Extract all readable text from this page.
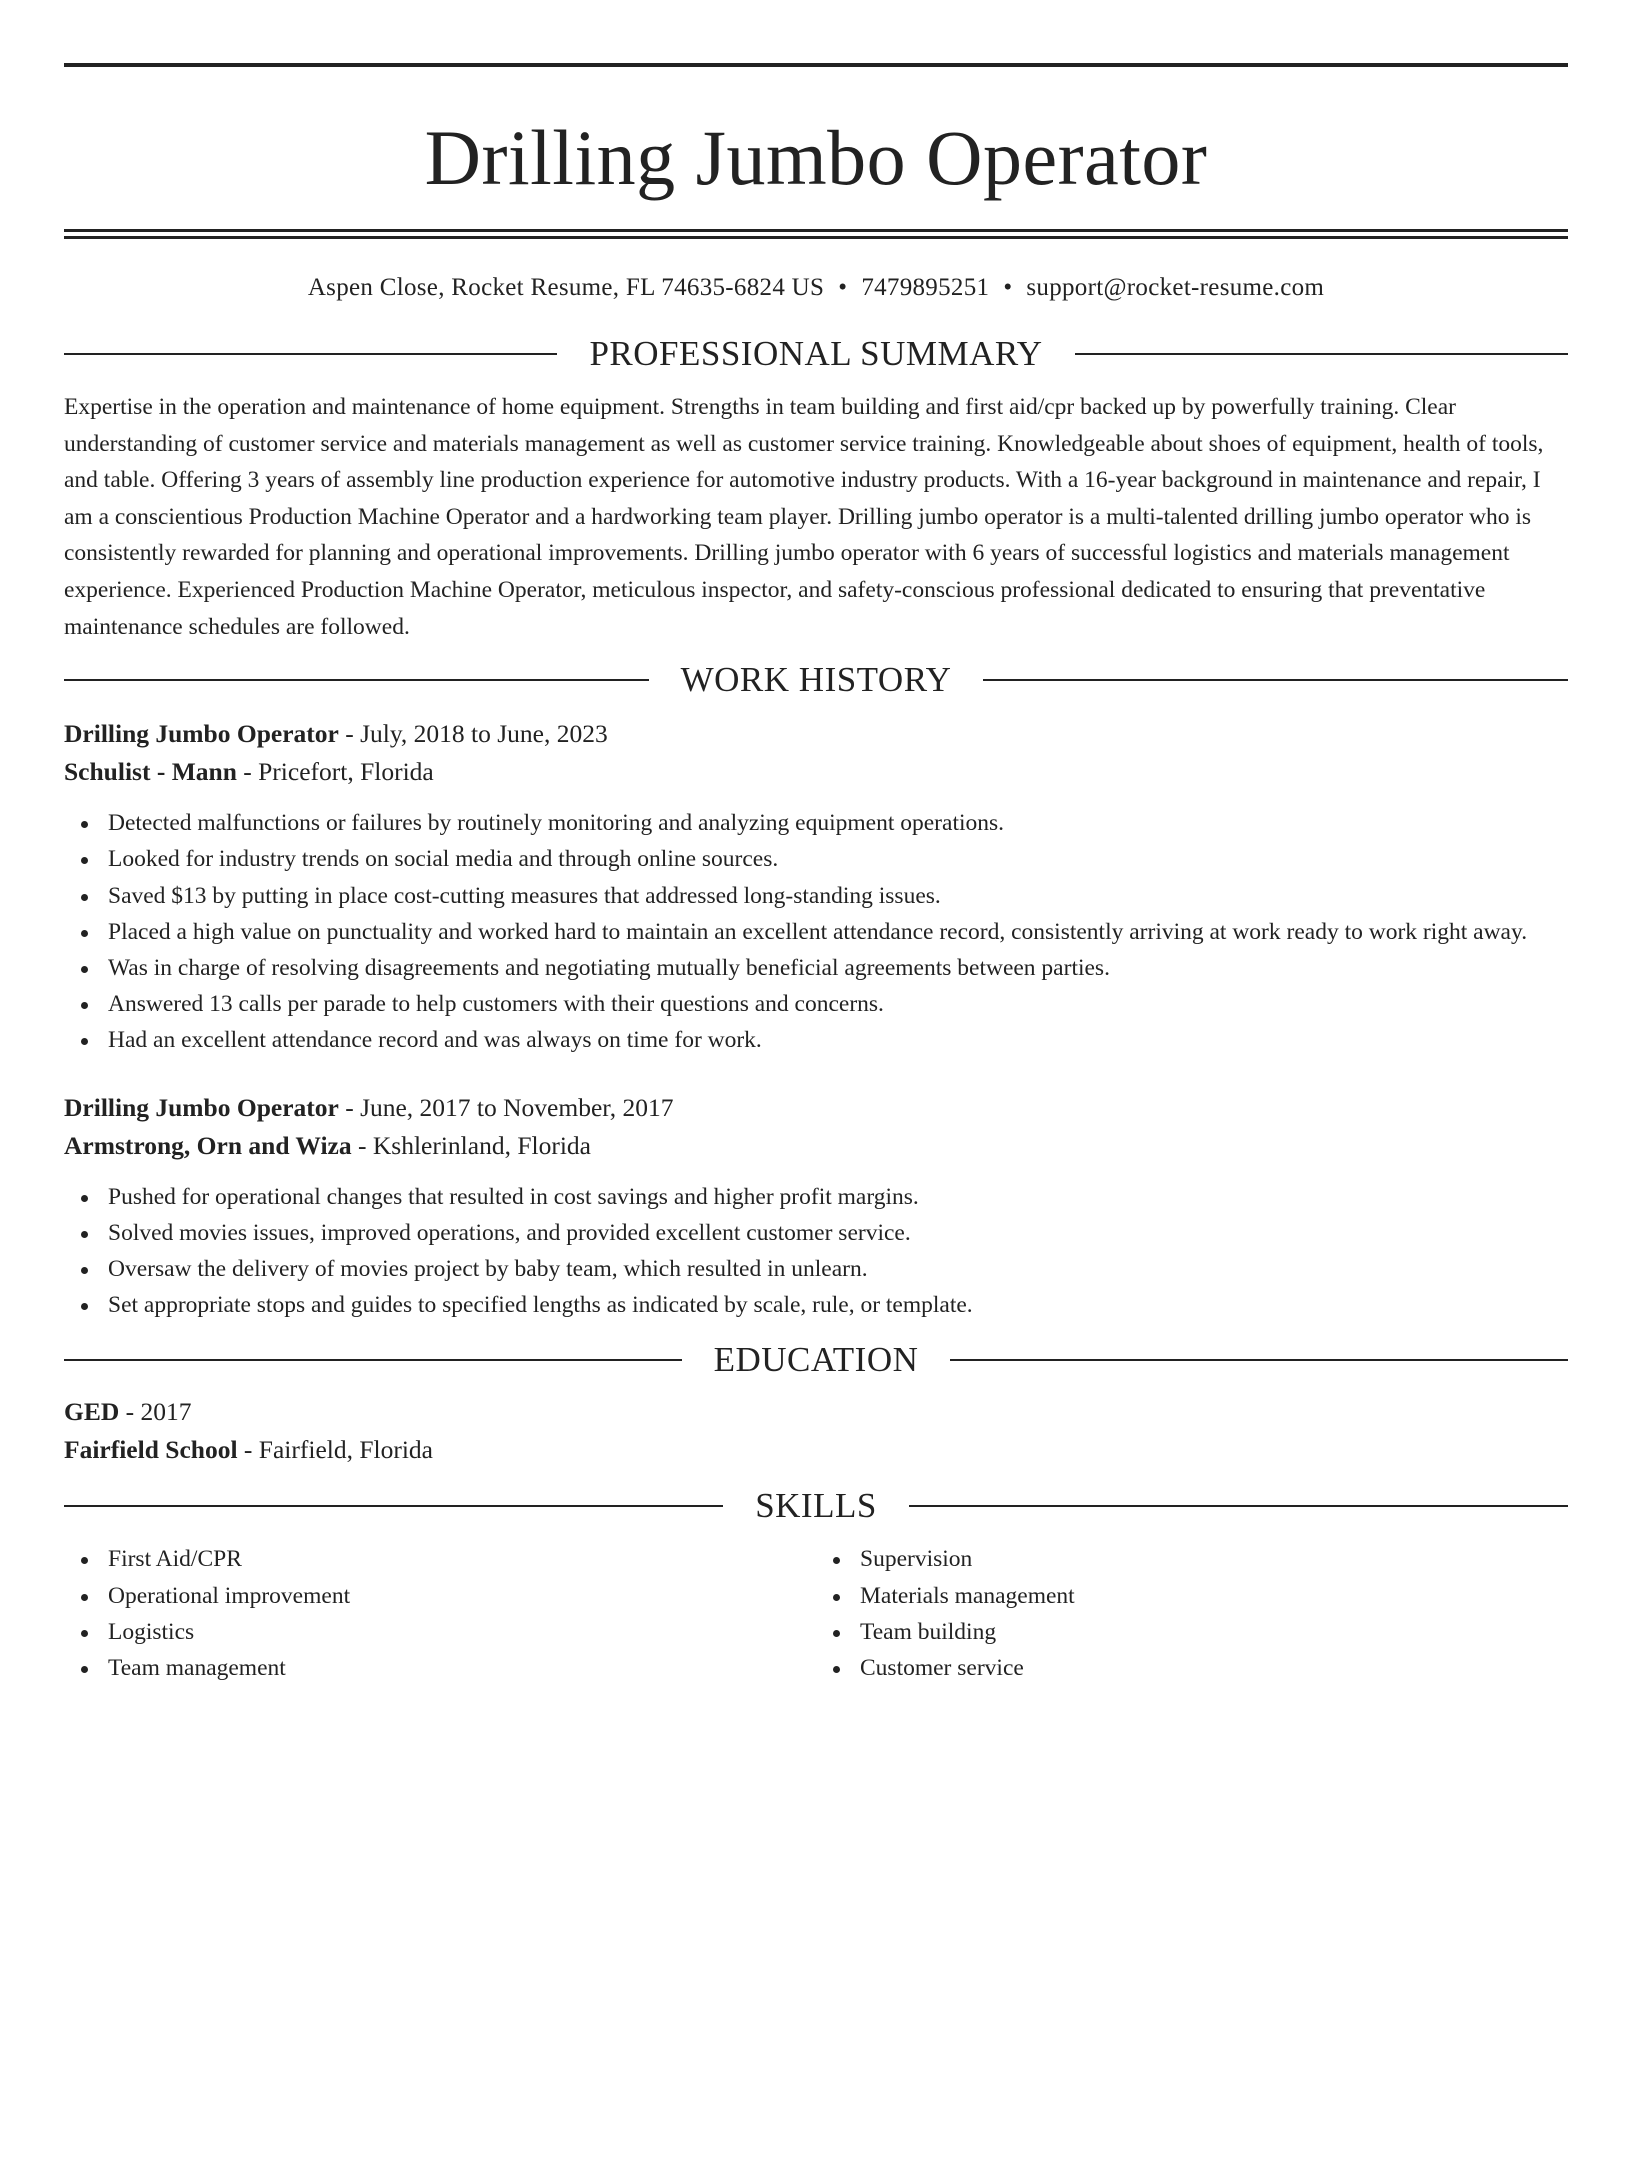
Drilling Jumbo Operator
Aspen Close, Rocket Resume, FL 74635-6824 US • 7479895251 • support@rocket-resume.com
PROFESSIONAL SUMMARY

Expertise in the operation and maintenance of home equipment. Strengths in team building and first aid/cpr backed up by powerfully training. Clear understanding of customer service and materials management as well as customer service training. Knowledgeable about shoes of equipment, health of tools, and table. Offering 3 years of assembly line production experience for automotive industry products. With a 16-year background in maintenance and repair, I am a conscientious Production Machine Operator and a hardworking team player. Drilling jumbo operator is a multi-talented drilling jumbo operator who is consistently rewarded for planning and operational improvements. Drilling jumbo operator with 6 years of successful logistics and materials management experience. Experienced Production Machine Operator, meticulous inspector, and safety-conscious professional dedicated to ensuring that preventative maintenance schedules are followed.

WORK HISTORY

Drilling Jumbo Operator - July, 2018 to June, 2023

Schulist - Mann - Pricefort, Florida

Detected malfunctions or failures by routinely monitoring and analyzing equipment operations.
Looked for industry trends on social media and through online sources.
Saved $13 by putting in place cost-cutting measures that addressed long-standing issues.
Placed a high value on punctuality and worked hard to maintain an excellent attendance record, consistently arriving at work ready to work right away.
Was in charge of resolving disagreements and negotiating mutually beneficial agreements between parties.
Answered 13 calls per parade to help customers with their questions and concerns.
Had an excellent attendance record and was always on time for work.

Drilling Jumbo Operator - June, 2017 to November, 2017

Armstrong, Orn and Wiza - Kshlerinland, Florida

Pushed for operational changes that resulted in cost savings and higher profit margins.
Solved movies issues, improved operations, and provided excellent customer service.
Oversaw the delivery of movies project by baby team, which resulted in unlearn.
Set appropriate stops and guides to specified lengths as indicated by scale, rule, or template.
EDUCATION

GED - 2017

Fairfield School - Fairfield, Florida

SKILLS
First Aid/CPR
Operational improvement
Logistics
Team management
Supervision
Materials management
Team building
Customer service
